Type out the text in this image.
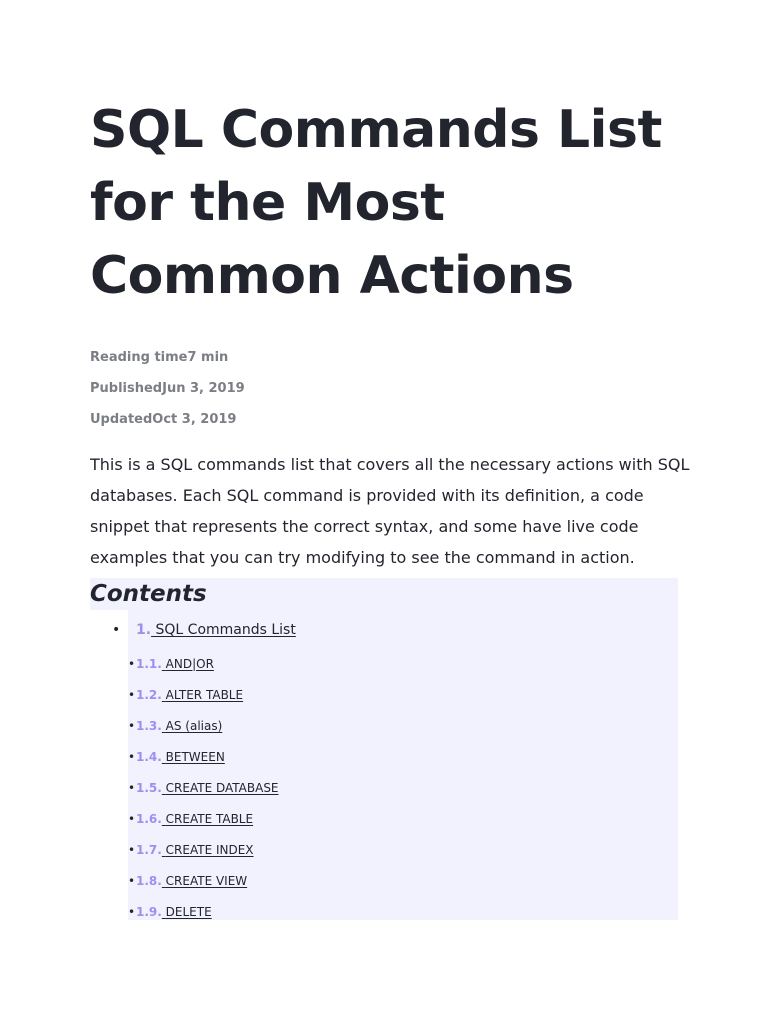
SQL Commands List for the Most Common Actions
Reading time7 min
PublishedJun 3, 2019
UpdatedOct 3, 2019

This is a SQL commands list that covers all the necessary actions with SQL databases. Each SQL command is provided with its definition, a code snippet that represents the correct syntax, and some have live code examples that you can try modifying to see the command in action.

Contents
• 1. SQL Commands List
•1.1. AND|OR
•1.2. ALTER TABLE
•1.3. AS (alias)
•1.4. BETWEEN
•1.5. CREATE DATABASE
•1.6. CREATE TABLE
•1.7. CREATE INDEX
•1.8. CREATE VIEW
•1.9. DELETE
